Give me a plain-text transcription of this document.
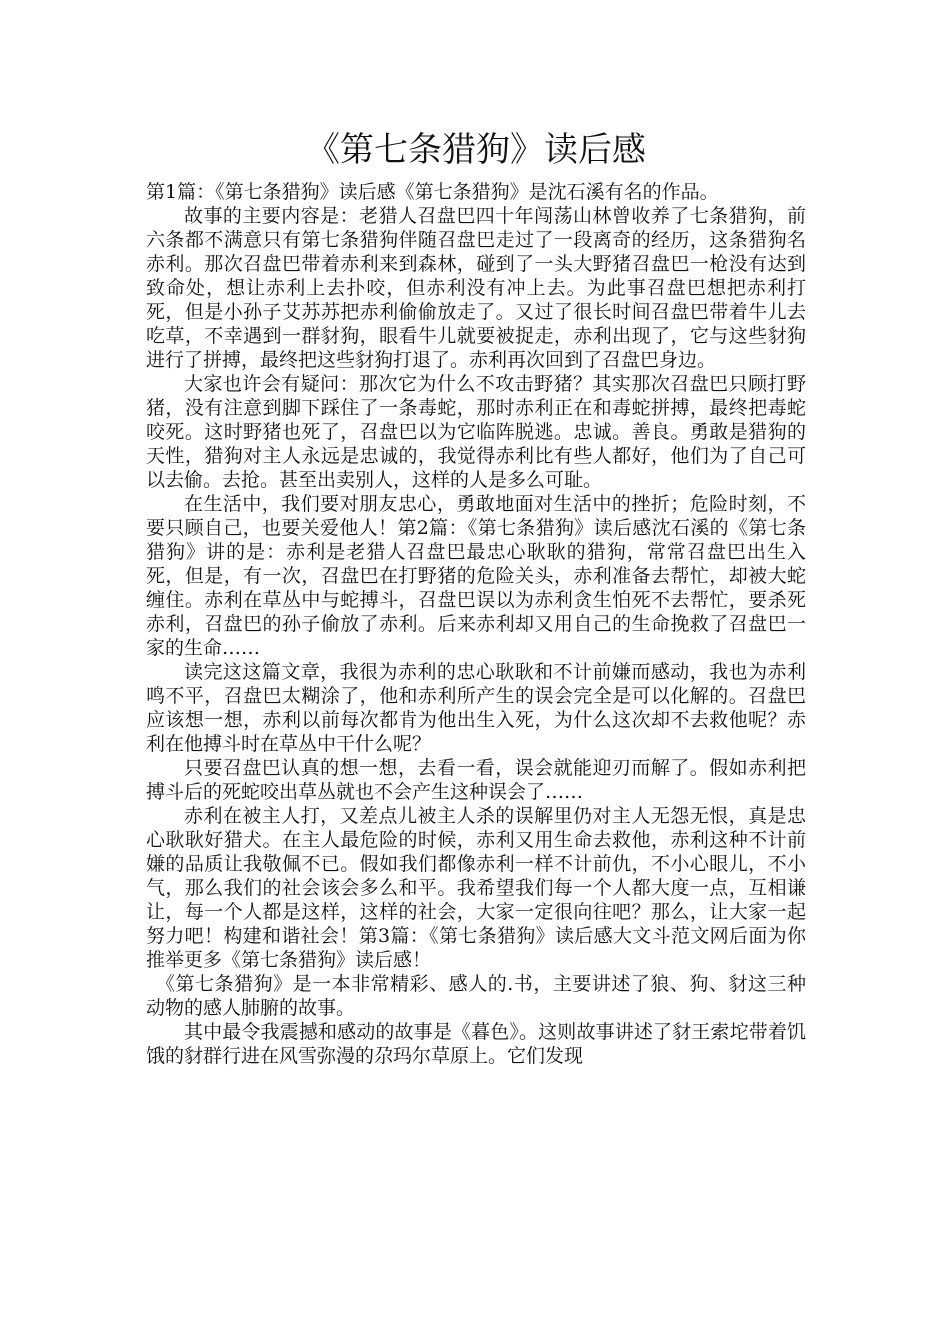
《第七条猎狗》读后感

第1篇：《第七条猎狗》读后感《第七条猎狗》是沈石溪有名的作品。

故事的主要内容是：老猎人召盘巴四十年闯荡山林曾收养了七条猎狗，前六条都不满意只有第七条猎狗伴随召盘巴走过了一段离奇的经历，这条猎狗名赤利。那次召盘巴带着赤利来到森林，碰到了一头大野猪召盘巴一枪没有达到致命处，想让赤利上去扑咬，但赤利没有冲上去。为此事召盘巴想把赤利打死，但是小孙子艾苏苏把赤利偷偷放走了。又过了很长时间召盘巴带着牛儿去吃草，不幸遇到一群豺狗，眼看牛儿就要被捉走，赤利出现了，它与这些豺狗进行了拼搏，最终把这些豺狗打退了。赤利再次回到了召盘巴身边。

大家也许会有疑问：那次它为什么不攻击野猪？其实那次召盘巴只顾打野猪，没有注意到脚下踩住了一条毒蛇，那时赤利正在和毒蛇拼搏，最终把毒蛇咬死。这时野猪也死了，召盘巴以为它临阵脱逃。忠诚。善良。勇敢是猎狗的天性，猎狗对主人永远是忠诚的，我觉得赤利比有些人都好，他们为了自己可以去偷。去抢。甚至出卖别人，这样的人是多么可耻。

在生活中，我们要对朋友忠心，勇敢地面对生活中的挫折；危险时刻，不要只顾自己，也要关爱他人！第2篇：《第七条猎狗》读后感沈石溪的《第七条猎狗》讲的是：赤利是老猎人召盘巴最忠心耿耿的猎狗，常常召盘巴出生入死，但是，有一次，召盘巴在打野猪的危险关头，赤利准备去帮忙，却被大蛇缠住。赤利在草丛中与蛇搏斗，召盘巴误以为赤利贪生怕死不去帮忙，要杀死赤利，召盘巴的孙子偷放了赤利。后来赤利却又用自己的生命挽救了召盘巴一家的生命……

读完这这篇文章，我很为赤利的忠心耿耿和不计前嫌而感动，我也为赤利鸣不平，召盘巴太糊涂了，他和赤利所产生的误会完全是可以化解的。召盘巴应该想一想，赤利以前每次都肯为他出生入死，为什么这次却不去救他呢？赤利在他搏斗时在草丛中干什么呢？

只要召盘巴认真的想一想，去看一看，误会就能迎刃而解了。假如赤利把搏斗后的死蛇咬出草丛就也不会产生这种误会了……

赤利在被主人打，又差点儿被主人杀的误解里仍对主人无怨无恨，真是忠心耿耿好猎犬。在主人最危险的时候，赤利又用生命去救他，赤利这种不计前嫌的品质让我敬佩不已。假如我们都像赤利一样不计前仇，不小心眼儿，不小气，那么我们的社会该会多么和平。我希望我们每一个人都大度一点，互相谦让，每一个人都是这样，这样的社会，大家一定很向往吧？那么，让大家一起努力吧！构建和谐社会！第3篇：《第七条猎狗》读后感大文斗范文网后面为你推举更多《第七条猎狗》读后感！

《第七条猎狗》是一本非常精彩、感人的.书，主要讲述了狼、狗、豺这三种动物的感人肺腑的故事。

其中最令我震撼和感动的故事是《暮色》。这则故事讲述了豺王索坨带着饥饿的豺群行进在风雪弥漫的尕玛尔草原上。它们发现
